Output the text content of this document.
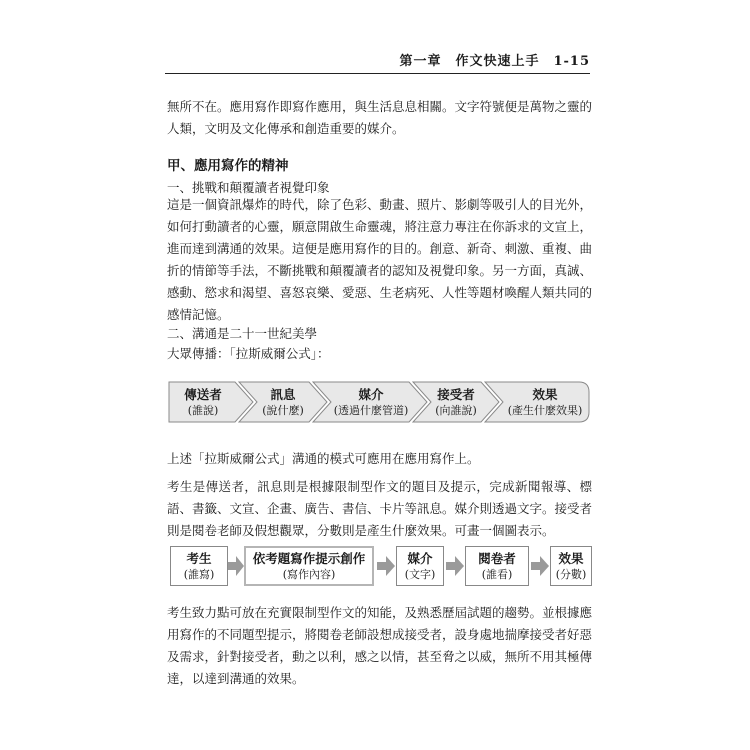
第一章　作文快速上手　1-15

無所不在。應用寫作即寫作應用，與生活息息相關。文字符號便是萬物之靈的人類，文明及文化傳承和創造重要的媒介。

甲、應用寫作的精神
一、挑戰和顛覆讀者視覺印象

這是一個資訊爆炸的時代，除了色彩、動畫、照片、影劇等吸引人的目光外，如何打動讀者的心靈，願意開啟生命靈魂，將注意力專注在你訴求的文宣上，進而達到溝通的效果。這便是應用寫作的目的。創意、新奇、刺激、重複、曲折的情節等手法，不斷挑戰和顛覆讀者的認知及視覺印象。另一方面，真誠、感動、慾求和渴望、喜怒哀樂、愛惡、生老病死、人性等題材喚醒人類共同的感情記憶。

二、溝通是二十一世紀美學
大眾傳播：「拉斯威爾公式」：
傳送者
(誰說)
訊息
(說什麼)
媒介
(透過什麼管道)
接受者
(向誰說)
效果
(產生什麼效果)

上述「拉斯威爾公式」溝通的模式可應用在應用寫作上。

考生是傳送者，訊息則是根據限制型作文的題目及提示，完成新聞報導、標語、書籤、文宣、企畫、廣告、書信、卡片等訊息。媒介則透過文字。接受者則是閱卷老師及假想觀眾，分數則是產生什麼效果。可畫一個圖表示。

考生
(誰寫)
依考題寫作提示創作
(寫作內容)
媒介
(文字)
閱卷者
(誰看)
效果
(分數)

考生致力點可放在充實限制型作文的知能，及熟悉歷屆試題的趨勢。並根據應用寫作的不同題型提示，將閱卷老師設想成接受者，設身處地揣摩接受者好惡及需求，針對接受者，動之以利，感之以情，甚至脅之以威，無所不用其極傳達，以達到溝通的效果。
